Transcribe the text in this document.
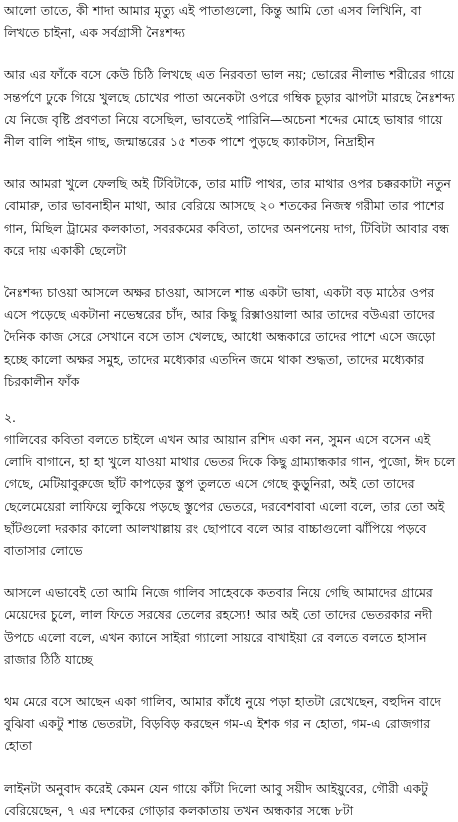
আলো তাতে, কী শাদা আমার মৃত্যু এই পাতাগুলো, কিন্তু আমি তো এসব লিখিনি, বা লিখতে চাইনা, এক সর্বগ্রাসী নৈঃশব্দ্য

আর এর ফাঁকে বসে কেউ চিঠি লিখছে এত নিরবতা ভাল নয়; ভোরের নীলাভ শরীরের গায়ে সন্তর্পণে ঢুকে গিয়ে খুলছে চোখের পাতা অনেকটা ওপরে গম্বিক চূড়ার ঝাপটা মারছে নৈঃশব্দ্য যে নিজে বৃষ্টি প্রবণতা নিয়ে বসেছিল, ভাবতেই পারিনি—অচেনা শব্দের মোহে ভাষার গায়ে নীল বালি পাইন গাছ, জন্মান্তরের ১৫ শতক পাশে পুড়ছে ক্যাকটাস, নিদ্রাহীন

আর আমরা খুলে ফেলছি অই টিবিটাকে, তার মাটি পাথর, তার মাথার ওপর চক্করকাটা নতুন বোমারু, তার ভাবনাহীন মাথা, আর বেরিয়ে আসছে ২০ শতকের নিজস্ব গরীমা তার পাশের গান, মিছিল ট্রামের কলকাতা, সবরকমের কবিতা, তাদের অনপনেয় দাগ, টিবিটা আবার বন্ধ করে দায় একাকী ছেলেটা

নৈঃশব্দ্য চাওয়া আসলে অক্ষর চাওয়া, আসলে শান্ত একটা ভাষা, একটা বড় মাঠের ওপর এসে পড়েছে একটানা নভেম্বরের চাঁদ, আর কিছু রিক্সাওয়ালা আর তাদের বউএরা তাদের দৈনিক কাজ সেরে সেখানে বসে তাস খেলছে, আধো অন্ধকারে তাদের পাশে এসে জড়ো হচ্ছে কালো অক্ষর সমুহ, তাদের মধ্যেকার এতদিন জমে থাকা শুদ্ধতা, তাদের মধ্যেকার চিরকালীন ফাঁক

২.

গালিবের কবিতা বলতে চাইলে এখন আর আয়ান রশিদ একা নন, সুমন এসে বসেন এই লোদি বাগানে, হা হা খুলে যাওয়া মাথার ভেতর দিকে কিছু গ্রাম্যান্ধকার গান, পুজো, ঈদ চলে গেছে, মেটিয়াবুরুজে ছাঁট কাপড়ের স্তুপ তুলতে এসে গেছে কুড়ুনিরা, অই তো তাদের ছেলেমেয়েরা লাফিয়ে লুকিয়ে পড়ছে স্তুপের ভেতরে, দরবেশবাবা এলো বলে, তার তো অই ছাঁটগুলো দরকার কালো আলখাল্লায় রং ছোপাবে বলে আর বাচ্চাগুলো ঝাঁপিয়ে পড়বে বাতাসার লোভে

আসলে এভাবেই তো আমি নিজে গালিব সাহেবকে কতবার নিয়ে গেছি আমাদের গ্রামের মেয়েদের চুলে, লাল ফিতে সরষের তেলের রহস্যে! আর অই তো তাদের ভেতরকার নদী উপচে এলো বলে, এখন ক্যানে সাইরা গ্যালো সায়রে বাখাইয়া রে বলতে বলতে হাসান রাজার ঠিঠি যাচ্ছে

থম মেরে বসে আছেন একা গালিব, আমার কাঁধে নুয়ে পড়া হাতটা রেখেছেন, বহুদিন বাদে বুঝিবা একটু শান্ত ভেতরটা, বিড়বিড় করছেন গম-এ ইশক গর ন হোতা, গম-এ রোজগার হোতা

লাইনটা অনুবাদ করেই কেমন যেন গায়ে কাঁটা দিলো আবু সয়ীদ আইয়ুবের, গৌরী একটু বেরিয়েছেন, ৭ এর দশকের গোড়ার কলকাতায় তখন অন্ধকার সন্ধে ৮টা
